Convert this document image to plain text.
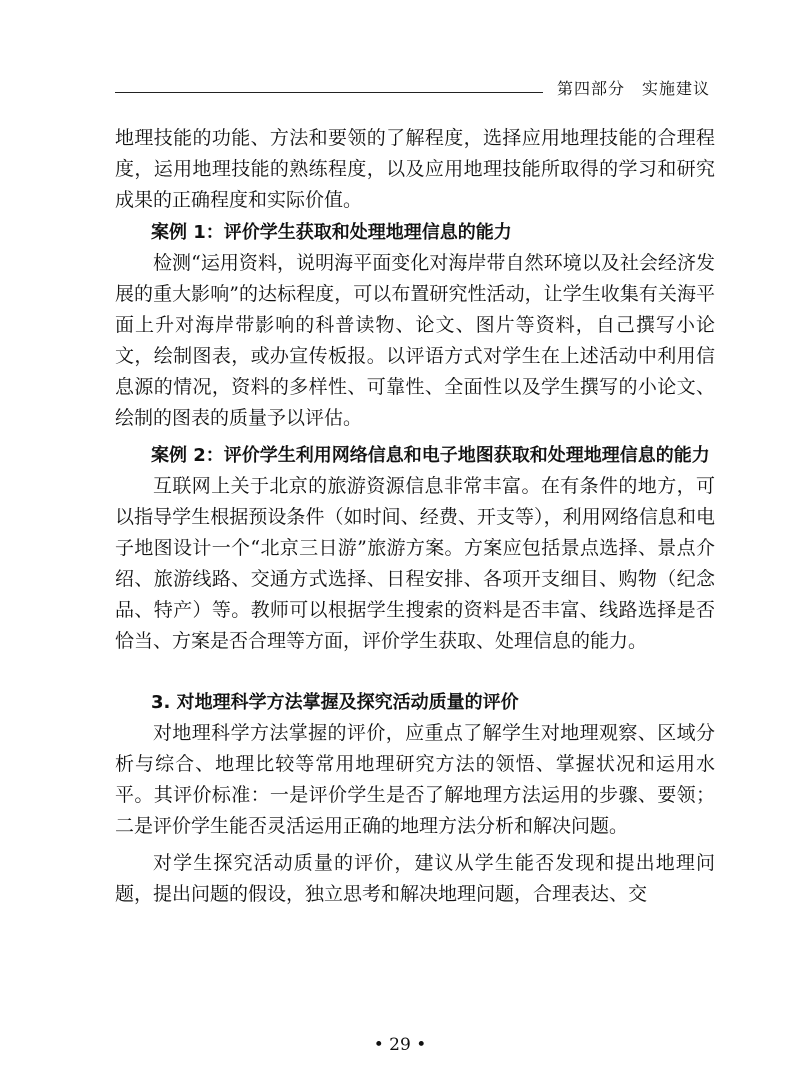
第四部分　实施建议

地理技能的功能、方法和要领的了解程度，选择应用地理技能的合理程度，运用地理技能的熟练程度，以及应用地理技能所取得的学习和研究成果的正确程度和实际价值。

案例 1：评价学生获取和处理地理信息的能力

检测“运用资料，说明海平面变化对海岸带自然环境以及社会经济发展的重大影响”的达标程度，可以布置研究性活动，让学生收集有关海平面上升对海岸带影响的科普读物、论文、图片等资料，自己撰写小论文，绘制图表，或办宣传板报。以评语方式对学生在上述活动中利用信息源的情况，资料的多样性、可靠性、全面性以及学生撰写的小论文、绘制的图表的质量予以评估。

案例 2：评价学生利用网络信息和电子地图获取和处理地理信息的能力

互联网上关于北京的旅游资源信息非常丰富。在有条件的地方，可以指导学生根据预设条件（如时间、经费、开支等），利用网络信息和电子地图设计一个“北京三日游”旅游方案。方案应包括景点选择、景点介绍、旅游线路、交通方式选择、日程安排、各项开支细目、购物（纪念品、特产）等。教师可以根据学生搜索的资料是否丰富、线路选择是否恰当、方案是否合理等方面，评价学生获取、处理信息的能力。

3. 对地理科学方法掌握及探究活动质量的评价

对地理科学方法掌握的评价，应重点了解学生对地理观察、区域分析与综合、地理比较等常用地理研究方法的领悟、掌握状况和运用水平。其评价标准：一是评价学生是否了解地理方法运用的步骤、要领；二是评价学生能否灵活运用正确的地理方法分析和解决问题。

对学生探究活动质量的评价，建议从学生能否发现和提出地理问题，提出问题的假设，独立思考和解决地理问题，合理表达、交

• 29 •
